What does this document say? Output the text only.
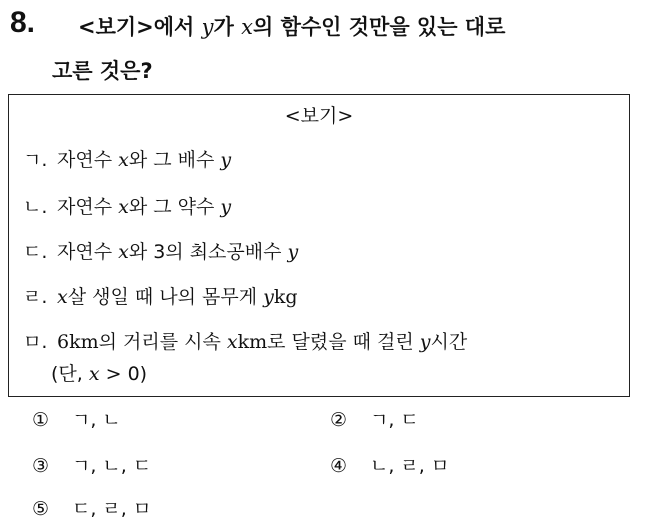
8. <보기>에서 y가 x의 함수인 것만을 있는 대로
고른 것은?
<보기>
ㄱ. 자연수 x와 그 배수 y
ㄴ. 자연수 x와 그 약수 y
ㄷ. 자연수 x와 3의 최소공배수 y
ㄹ. x살 생일 때 나의 몸무게 ykg
ㅁ. 6km의 거리를 시속 xkm로 달렸을 때 걸린 y시간
(단, x > 0)
① ㄱ, ㄴ	② ㄱ, ㄷ
③ ㄱ, ㄴ, ㄷ	④ ㄴ, ㄹ, ㅁ
⑤ ㄷ, ㄹ, ㅁ
